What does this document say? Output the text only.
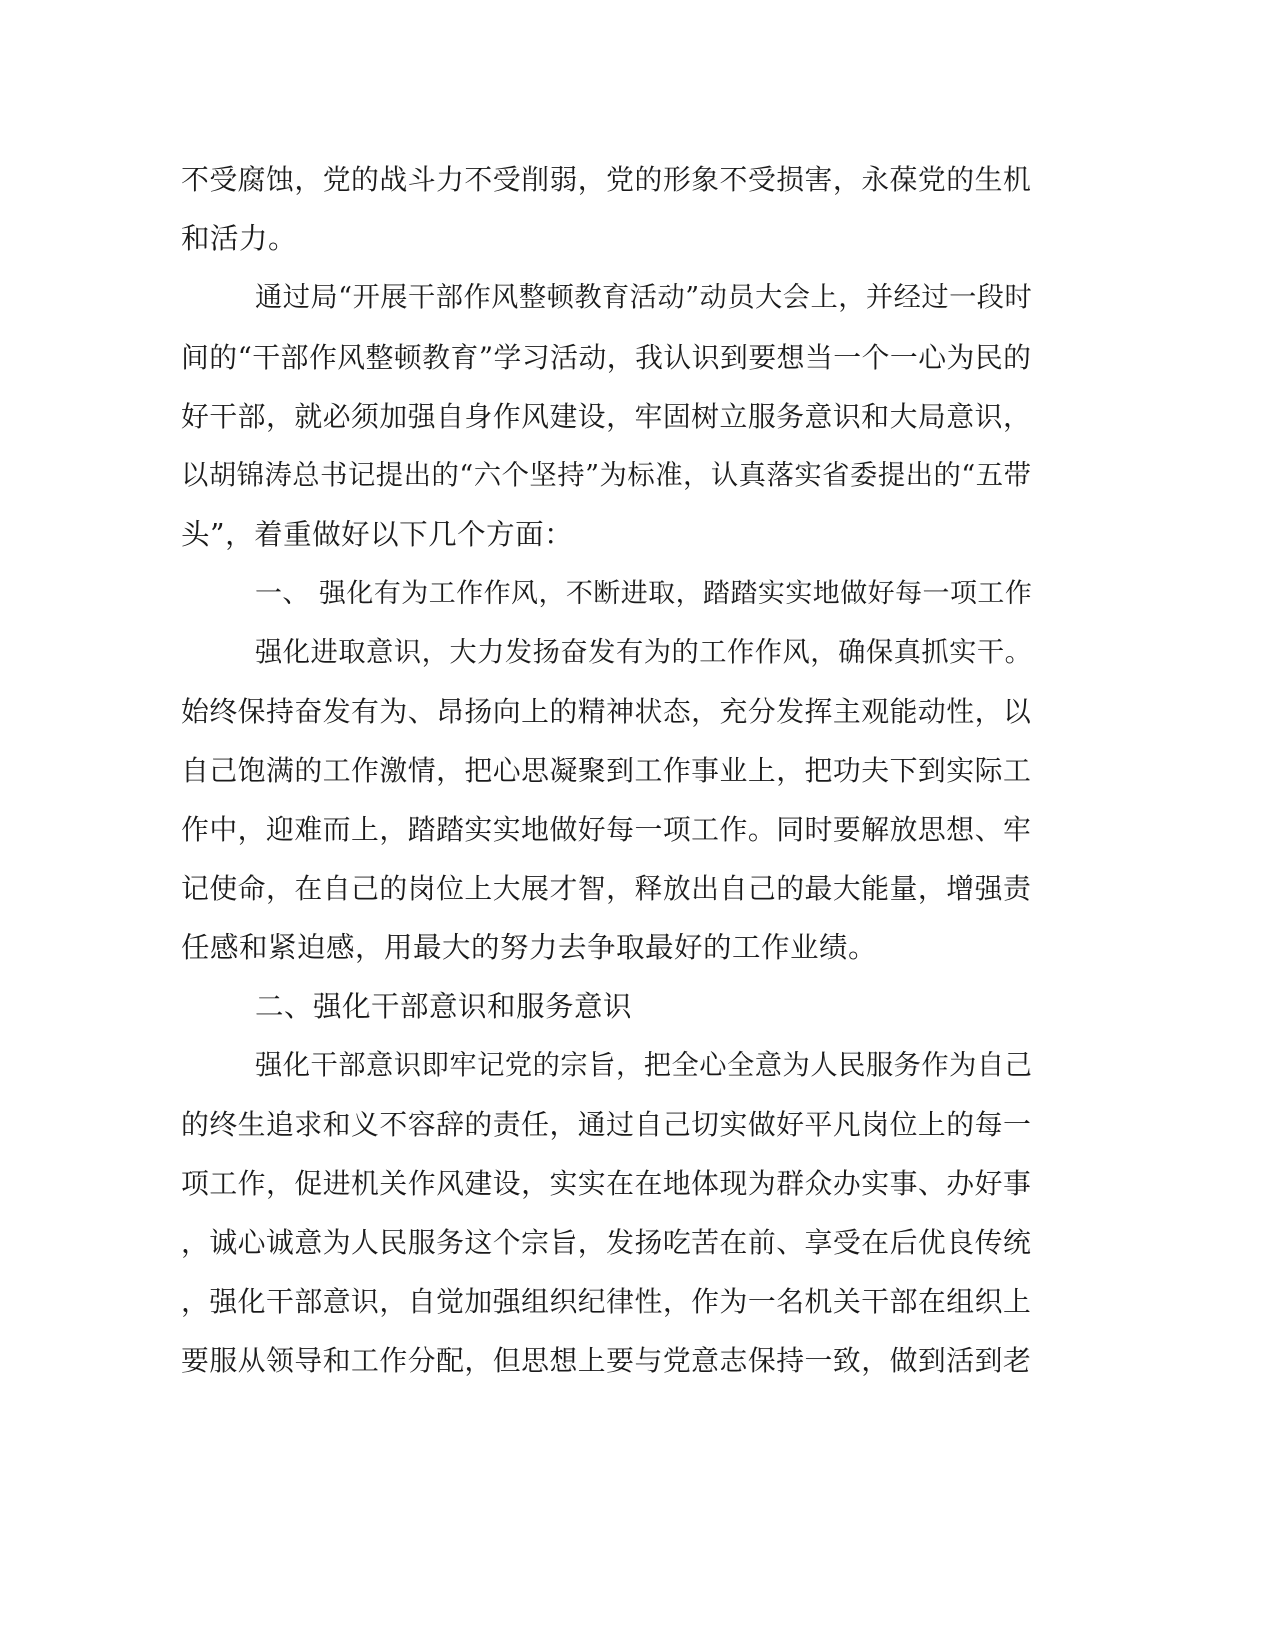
不受腐蚀，党的战斗力不受削弱，党的形象不受损害，永葆党的生机
和活力。
通过局“开展干部作风整顿教育活动”动员大会上，并经过一段时
间的“干部作风整顿教育”学习活动，我认识到要想当一个一心为民的
好干部，就必须加强自身作风建设，牢固树立服务意识和大局意识，
以胡锦涛总书记提出的“六个坚持”为标准，认真落实省委提出的“五带
头”，着重做好以下几个方面：
一、 强化有为工作作风，不断进取，踏踏实实地做好每一项工作
强化进取意识，大力发扬奋发有为的工作作风，确保真抓实干。
始终保持奋发有为、昂扬向上的精神状态，充分发挥主观能动性，以
自己饱满的工作激情，把心思凝聚到工作事业上，把功夫下到实际工
作中，迎难而上，踏踏实实地做好每一项工作。同时要解放思想、牢
记使命，在自己的岗位上大展才智，释放出自己的最大能量，增强责
任感和紧迫感，用最大的努力去争取最好的工作业绩。
二、强化干部意识和服务意识
强化干部意识即牢记党的宗旨，把全心全意为人民服务作为自己
的终生追求和义不容辞的责任，通过自己切实做好平凡岗位上的每一
项工作，促进机关作风建设，实实在在地体现为群众办实事、办好事
，诚心诚意为人民服务这个宗旨，发扬吃苦在前、享受在后优良传统
，强化干部意识，自觉加强组织纪律性，作为一名机关干部在组织上
要服从领导和工作分配，但思想上要与党意志保持一致，做到活到老
